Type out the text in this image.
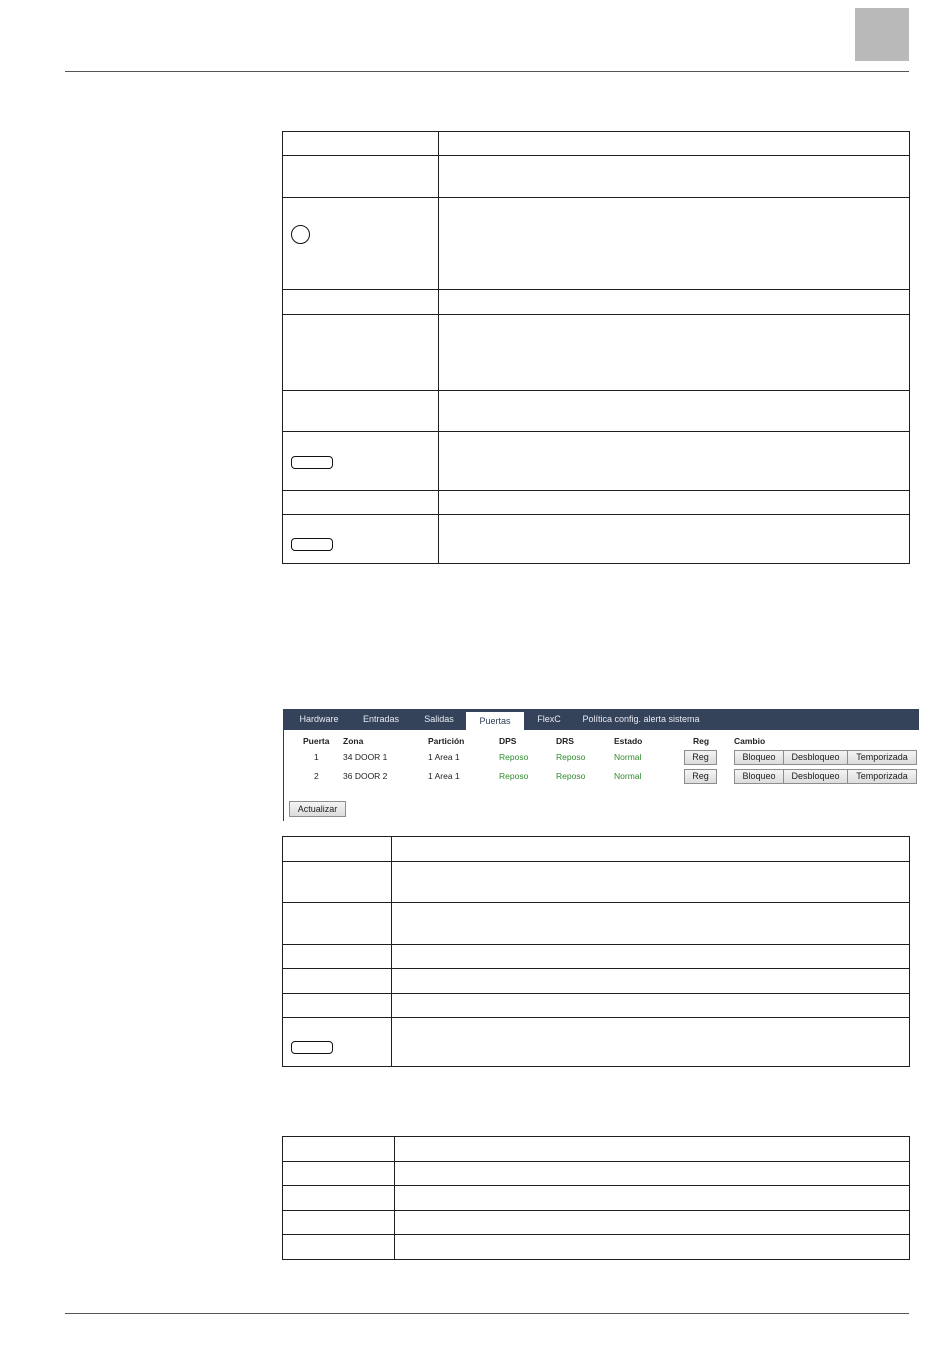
Hardware	Entradas	Salidas	Puertas	FlexC	Política config. alerta sistema
Puerta Zona	Partición	DPS	DRS	Estado	Reg	Cambio
1	34 DOOR 1	1 Area 1	Reposo	Reposo	Normal	Reg	Bloqueo	Desbloqueo	Temporizada
2	36 DOOR 2	1 Area 1	Reposo	Reposo	Normal	Reg	Bloqueo	Desbloqueo	Temporizada
Actualizar
